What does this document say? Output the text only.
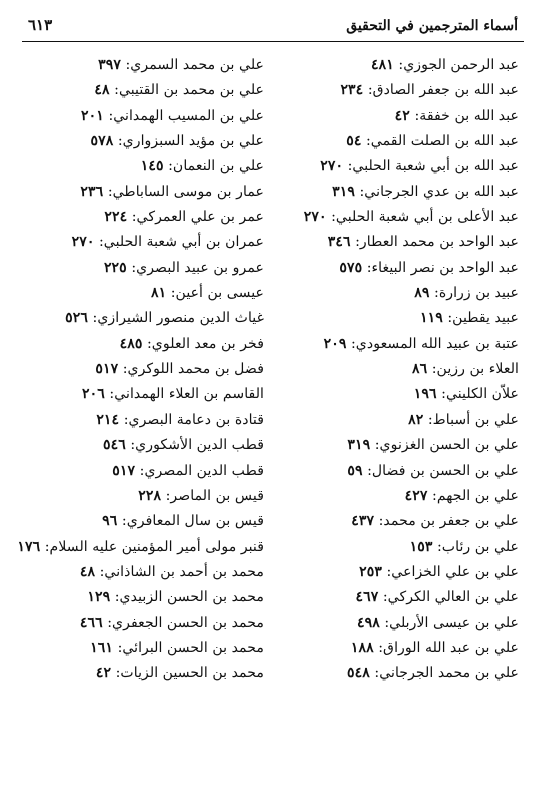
٦١٣	أسماء المترجمين في التحقيق
عبد الرحمن الجوزي: ٤٨١
عبد الله بن جعفر الصادق: ٢٣٤
عبد الله بن خفقة: ٤٢
عبد الله بن الصلت القمي: ٥٤
عبد الله بن أبي شعبة الحلبي: ٢٧٠
عبد الله بن عدي الجرجاني: ٣١٩
عبد الأعلى بن أبي شعبة الحلبي: ٢٧٠
عبد الواحد بن محمد العطار: ٣٤٦
عبد الواحد بن نصر البيغاء: ٥٧٥
عبيد بن زرارة: ٨٩
عبيد يقطين: ١١٩
عتبة بن عبيد الله المسعودي: ٢٠٩
العلاء بن رزين: ٨٦
علاّن الكليني: ١٩٦
علي بن أسباط: ٨٢
علي بن الحسن الغزنوي: ٣١٩
علي بن الحسن بن فضال: ٥٩
علي بن الجهم: ٤٢٧
علي بن جعفر بن محمد: ٤٣٧
علي بن رئاب: ١٥٣
علي بن علي الخزاعي: ٢٥٣
علي بن العالي الكركي: ٤٦٧
علي بن عيسى الأربلي: ٤٩٨
علي بن عبد الله الوراق: ١٨٨
علي بن محمد الجرجاني: ٥٤٨
علي بن محمد السمري: ٣٩٧
علي بن محمد بن القتيبي: ٤٨
علي بن المسيب الهمداني: ٢٠١
علي بن مؤيد السبزواري: ٥٧٨
علي بن النعمان: ١٤٥
عمار بن موسى الساباطي: ٢٣٦
عمر بن علي العمركي: ٢٢٤
عمران بن أبي شعبة الحلبي: ٢٧٠
عمرو بن عبيد البصري: ٢٢٥
عيسى بن أعين: ٨١
غياث الدين منصور الشيرازي: ٥٢٦
فخر بن معد العلوي: ٤٨٥
فضل بن محمد اللوكري: ٥١٧
القاسم بن العلاء الهمداني: ٢٠٦
قتادة بن دعامة البصري: ٢١٤
قطب الدين الأشكوري: ٥٤٦
قطب الدين المصري: ٥١٧
قيس بن الماصر: ٢٢٨
قيس بن سال المعافري: ٩٦
قنبر مولى أمير المؤمنين عليه السلام: ١٧٦
محمد بن أحمد بن الشاذاني: ٤٨
محمد بن الحسن الزبيدي: ١٢٩
محمد بن الحسن الجعفري: ٤٦٦
محمد بن الحسن البرائي: ١٦١
محمد بن الحسين الزيات: ٤٢
